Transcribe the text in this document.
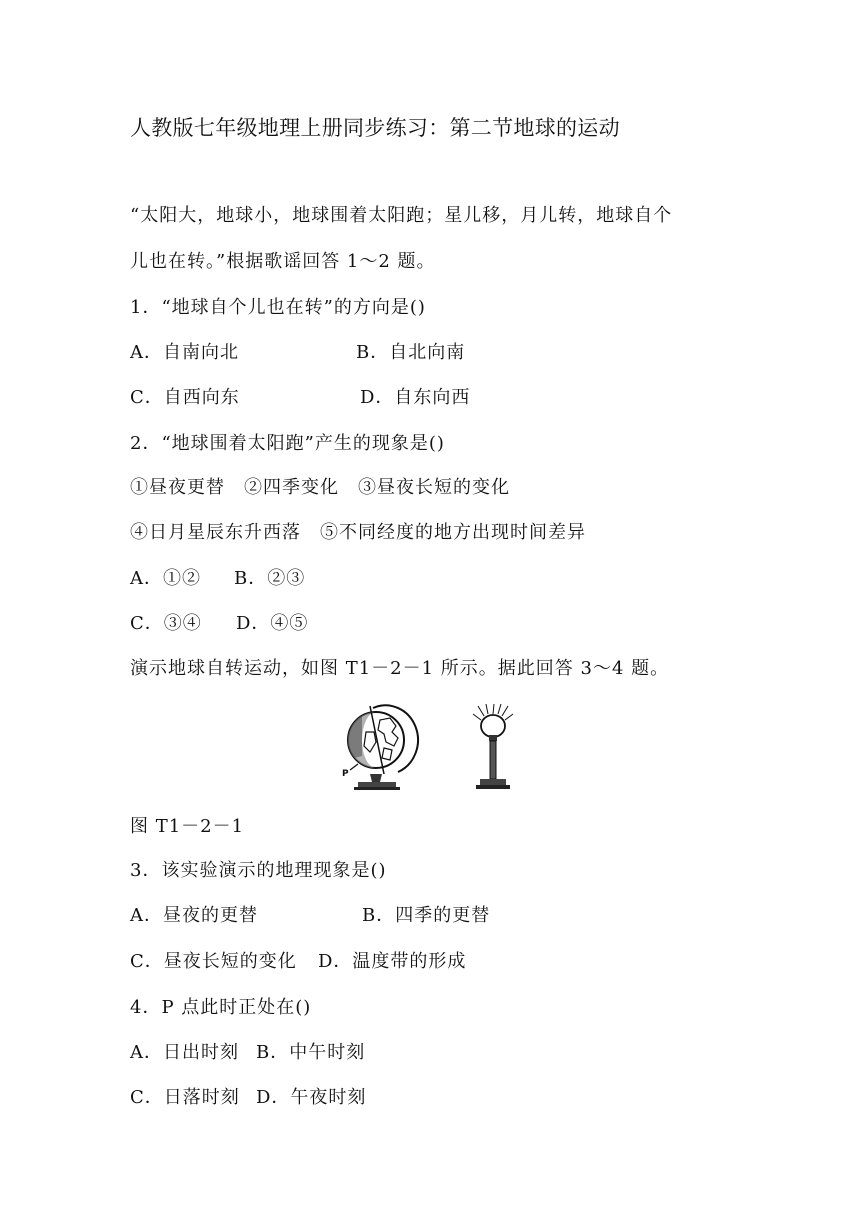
人教版七年级地理上册同步练习：第二节地球的运动
“太阳大，地球小，地球围着太阳跑；星儿移，月儿转，地球自个
儿也在转。”根据歌谣回答 1～2 题。
1．“地球自个儿也在转”的方向是()
A．自南向北	B．自北向南
C．自西向东	D．自东向西
2．“地球围着太阳跑”产生的现象是()
①昼夜更替　②四季变化　③昼夜长短的变化
④日月星辰东升西落　⑤不同经度的地方出现时间差异
A．①② B．②③
C．③④ D．④⑤
演示地球自转运动，如图 T1－2－1 所示。据此回答 3～4 题。
P
图 T1－2－1
3．该实验演示的地理现象是()
A．昼夜的更替	B．四季的更替
C．昼夜长短的变化 D．温度带的形成
4．P 点此时正处在()
A．日出时刻 B．中午时刻
C．日落时刻 D．午夜时刻
